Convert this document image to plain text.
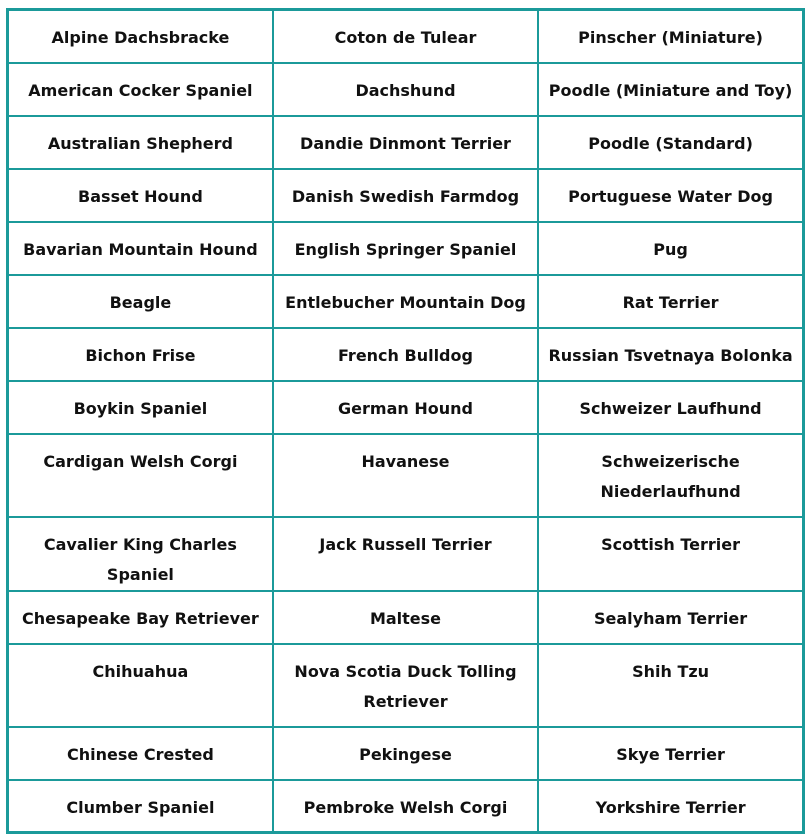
Alpine Dachsbracke	Coton de Tulear	Pinscher (Miniature)
American Cocker Spaniel	Dachshund	Poodle (Miniature and Toy)
Australian Shepherd	Dandie Dinmont Terrier	Poodle (Standard)
Basset Hound	Danish Swedish Farmdog	Portuguese Water Dog
Bavarian Mountain Hound	English Springer Spaniel	Pug
Beagle	Entlebucher Mountain Dog	Rat Terrier
Bichon Frise	French Bulldog	Russian Tsvetnaya Bolonka
Boykin Spaniel	German Hound	Schweizer Laufhund
Cardigan Welsh Corgi	Havanese	Schweizerische Niederlaufhund
Cavalier King Charles Spaniel	Jack Russell Terrier	Scottish Terrier
Chesapeake Bay Retriever	Maltese	Sealyham Terrier
Chihuahua	Nova Scotia Duck Tolling Retriever	Shih Tzu
Chinese Crested	Pekingese	Skye Terrier
Clumber Spaniel	Pembroke Welsh Corgi	Yorkshire Terrier
